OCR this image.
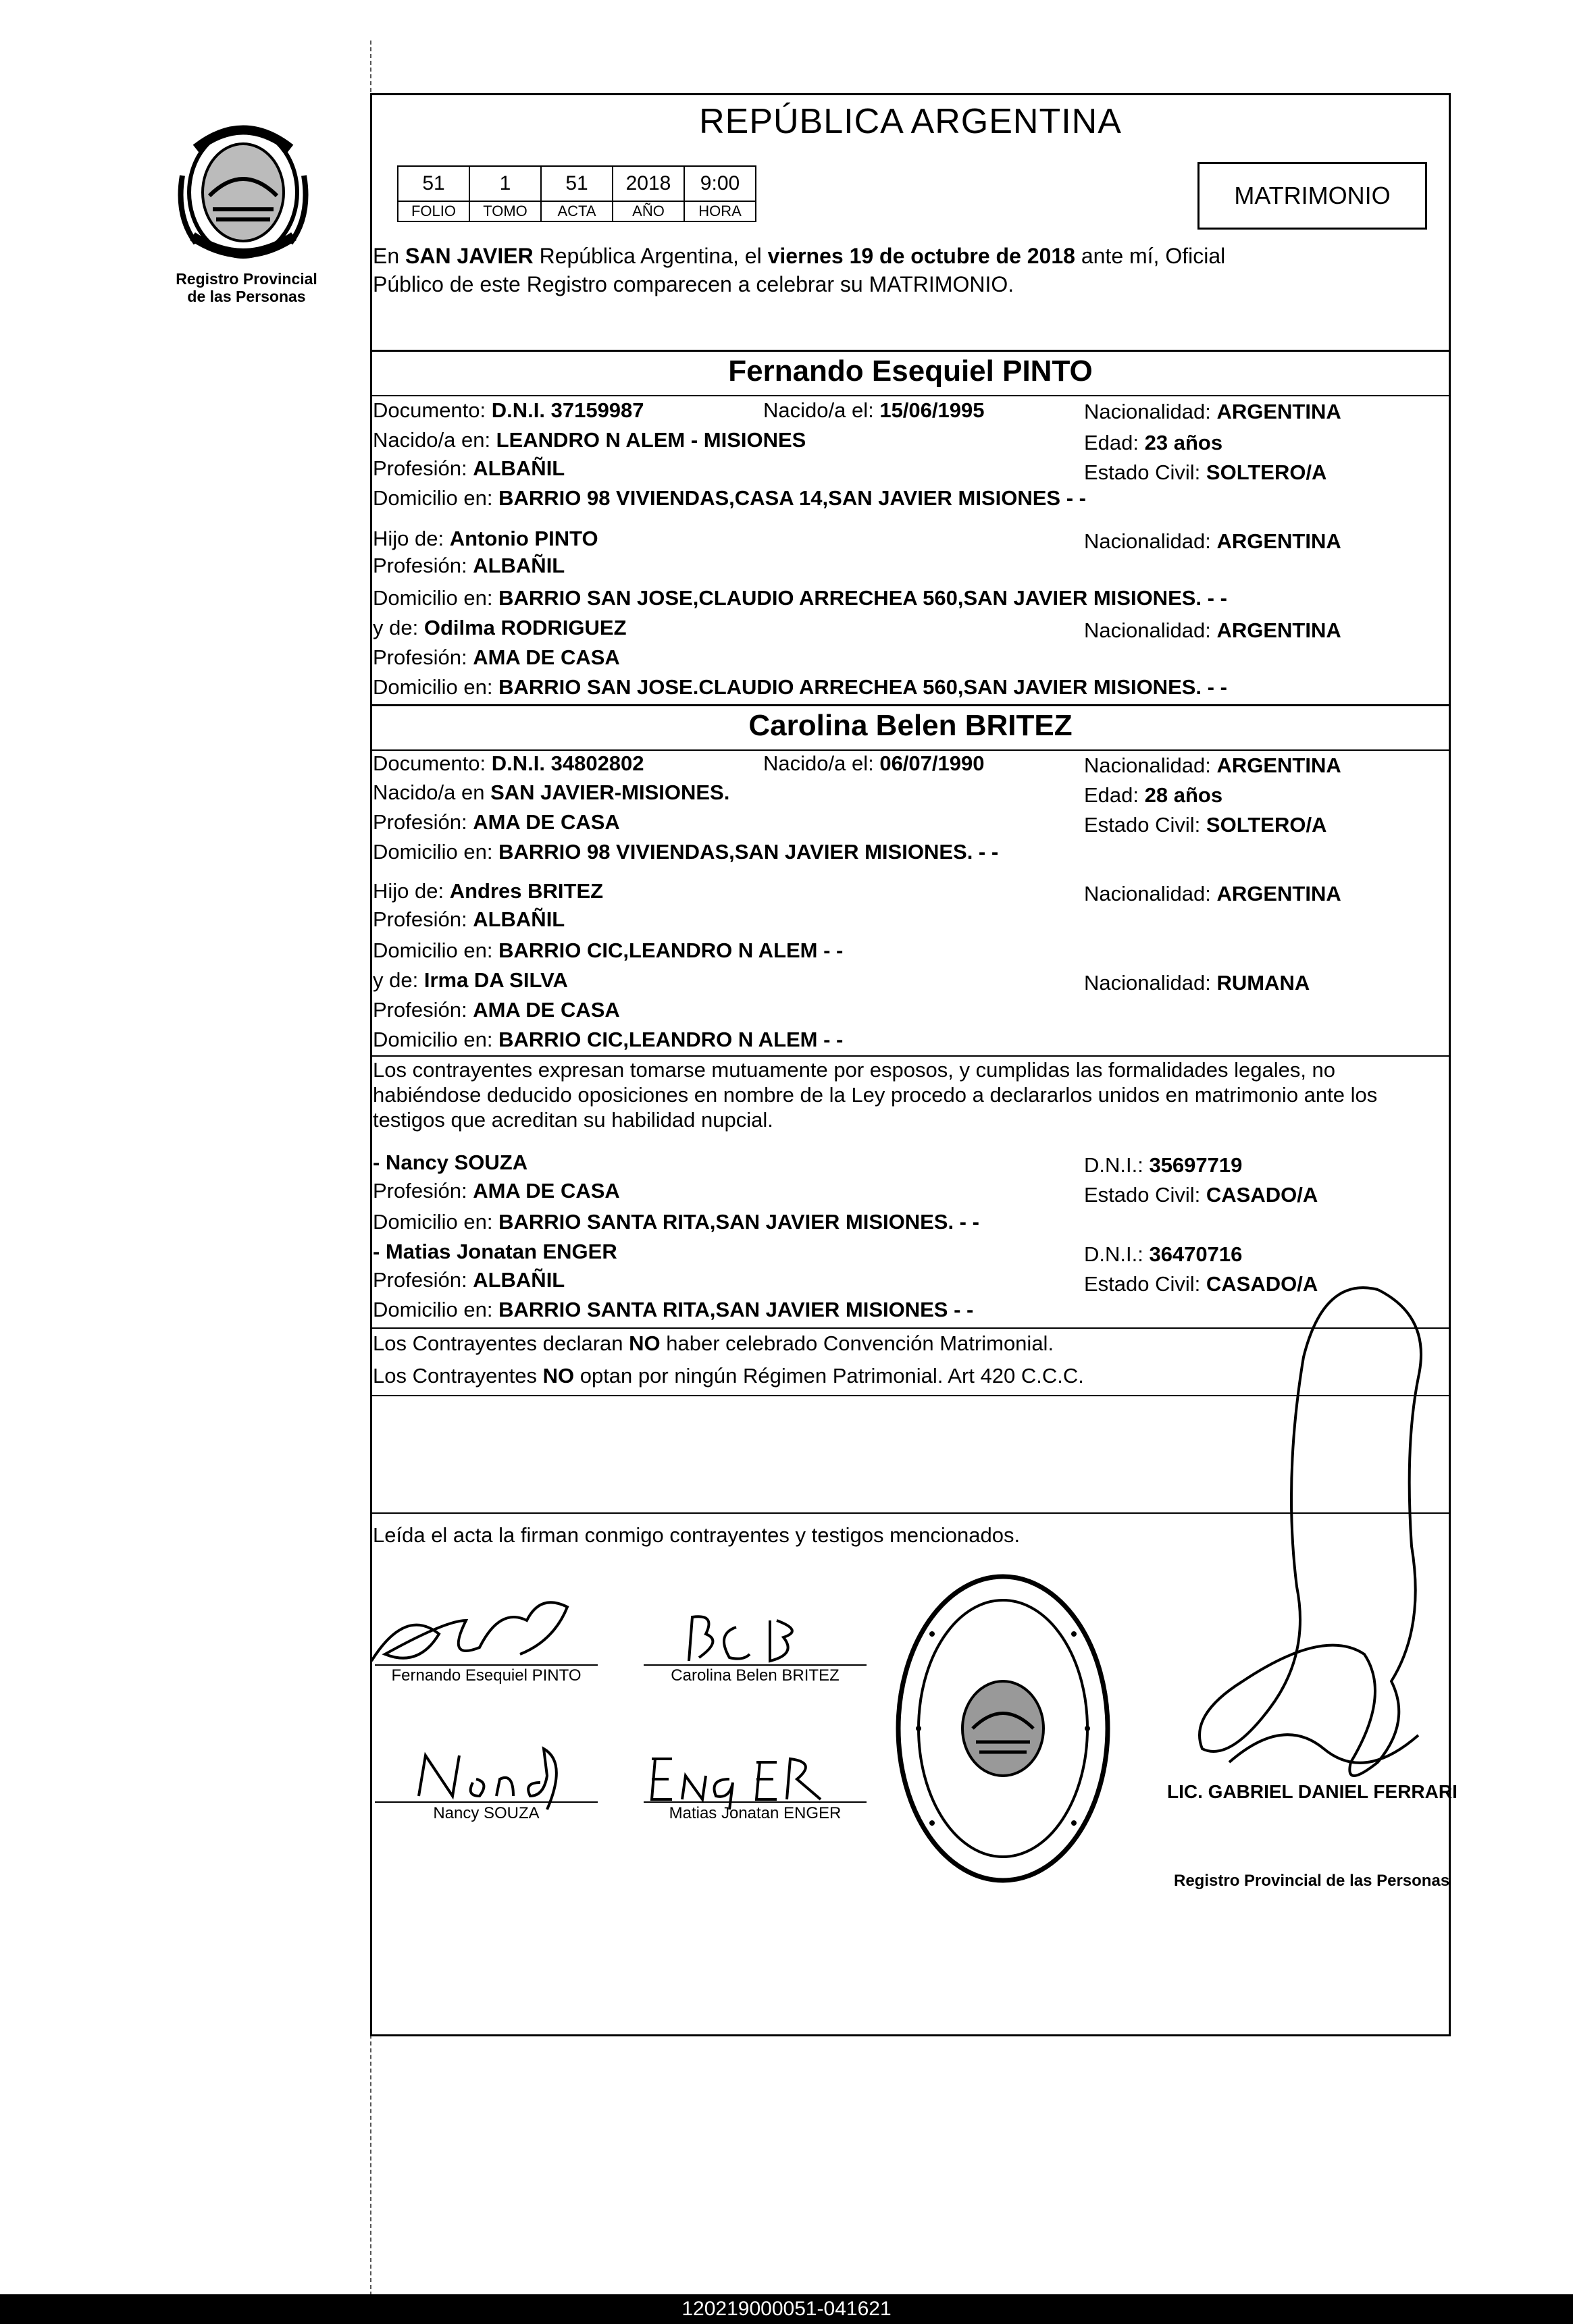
Registro Provincial
de las Personas
REPÚBLICA ARGENTINA
51	1	51	2018	9:00
FOLIO	TOMO	ACTA	AÑO	HORA
MATRIMONIO
En SAN JAVIER República Argentina, el viernes 19 de octubre de 2018 ante mí, Oficial
Público de este Registro comparecen a celebrar su MATRIMONIO.
Fernando Esequiel PINTO
Documento: D.N.I. 37159987	Nacido/a el: 15/06/1995	Nacionalidad: ARGENTINA
Nacido/a en: LEANDRO N ALEM - MISIONES	Edad: 23 años
Profesión: ALBAÑIL	Estado Civil: SOLTERO/A
Domicilio en: BARRIO 98 VIVIENDAS,CASA 14,SAN JAVIER MISIONES - -
Hijo de: Antonio PINTO	Nacionalidad: ARGENTINA
Profesión: ALBAÑIL
Domicilio en: BARRIO SAN JOSE,CLAUDIO ARRECHEA 560,SAN JAVIER MISIONES. - -
y de: Odilma RODRIGUEZ	Nacionalidad: ARGENTINA
Profesión: AMA DE CASA
Domicilio en: BARRIO SAN JOSE.CLAUDIO ARRECHEA 560,SAN JAVIER MISIONES. - -
Carolina Belen BRITEZ
Documento: D.N.I. 34802802	Nacido/a el: 06/07/1990	Nacionalidad: ARGENTINA
Nacido/a en SAN JAVIER-MISIONES.	Edad: 28 años
Profesión: AMA DE CASA	Estado Civil: SOLTERO/A
Domicilio en: BARRIO 98 VIVIENDAS,SAN JAVIER MISIONES. - -
Hijo de: Andres BRITEZ	Nacionalidad: ARGENTINA
Profesión: ALBAÑIL
Domicilio en: BARRIO CIC,LEANDRO N ALEM - -
y de: Irma DA SILVA	Nacionalidad: RUMANA
Profesión: AMA DE CASA
Domicilio en: BARRIO CIC,LEANDRO N ALEM - -
Los contrayentes expresan tomarse mutuamente por esposos, y cumplidas las formalidades legales, no habiéndose deducido oposiciones en nombre de la Ley procedo a declararlos unidos en matrimonio ante los testigos que acreditan su habilidad nupcial.
- Nancy SOUZA	D.N.I.: 35697719
Profesión: AMA DE CASA	Estado Civil: CASADO/A
Domicilio en: BARRIO SANTA RITA,SAN JAVIER MISIONES. - -
- Matias Jonatan ENGER	D.N.I.: 36470716
Profesión: ALBAÑIL	Estado Civil: CASADO/A
Domicilio en: BARRIO SANTA RITA,SAN JAVIER MISIONES - -
Los Contrayentes declaran NO haber celebrado Convención Matrimonial.
Los Contrayentes NO optan por ningún Régimen Patrimonial. Art 420 C.C.C.
Leída el acta la firman conmigo contrayentes y testigos mencionados.
Fernando Esequiel PINTO	Carolina Belen BRITEZ
Nancy SOUZA	Matias Jonatan ENGER
LIC. GABRIEL DANIEL FERRARI
Registro Provincial de las Personas
120219000051-041621
